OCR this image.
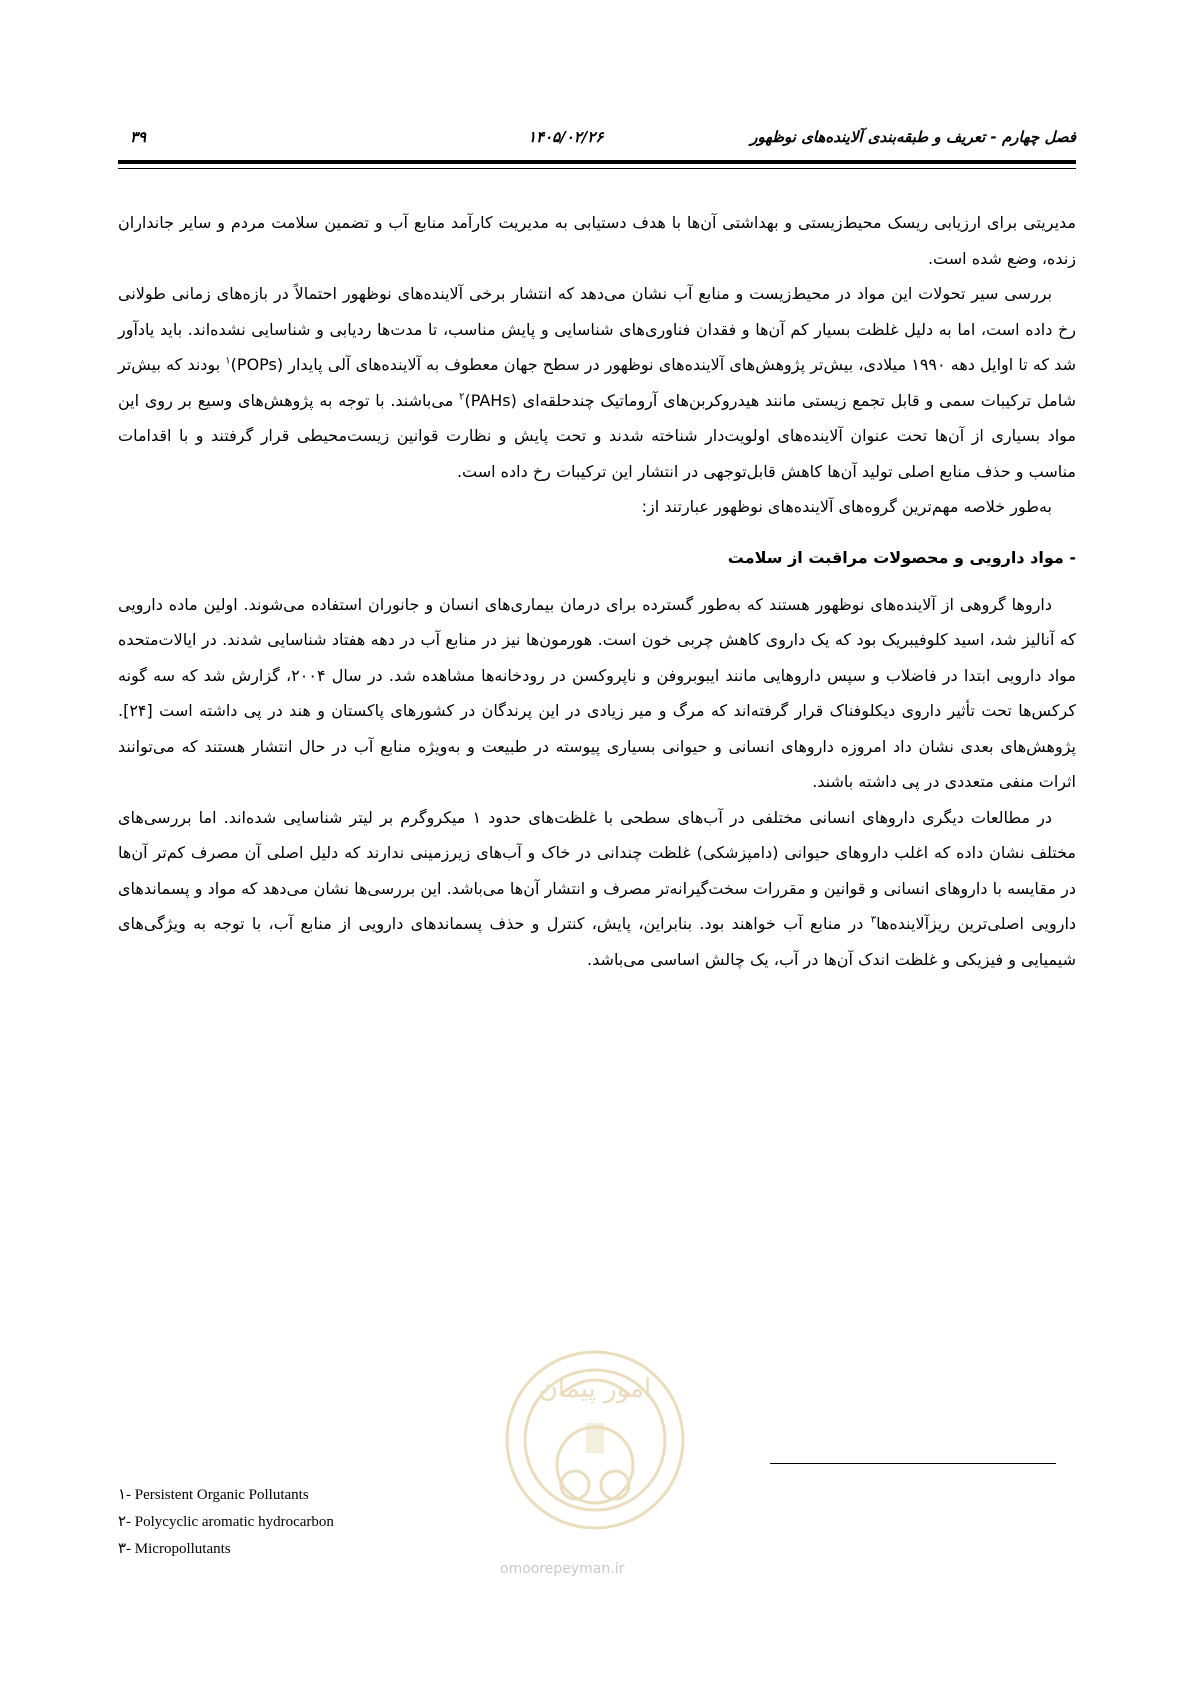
فصل چهارم - تعریف و طبقه‌بندی آلاینده‌های نوظهور
۱۴۰۵/۰۲/۲۶
۳۹

مدیریتی برای ارزیابی ریسک محیط‌زیستی و بهداشتی آن‌ها با هدف دستیابی به مدیریت کارآمد منابع آب و تضمین سلامت مردم و سایر جانداران زنده، وضع شده است.

بررسی سیر تحولات این مواد در محیط‌زیست و منابع آب نشان می‌دهد که انتشار برخی آلاینده‌های نوظهور احتمالاً در بازه‌های زمانی طولانی رخ داده است، اما به دلیل غلظت بسیار کم آن‌ها و فقدان فناوری‌های شناسایی و پایش مناسب، تا مدت‌ها ردیابی و شناسایی نشده‌اند. باید یادآور شد که تا اوایل دهه ۱۹۹۰ میلادی، بیش‌تر پژوهش‌های آلاینده‌های نوظهور در سطح جهان معطوف به آلاینده‌های آلی پایدار (POPs)$^۱$ بودند که بیش‌تر شامل ترکیبات سمی و قابل تجمع زیستی مانند هیدروکربن‌های آروماتیک چندحلقه‌ای (PAHs)$^۲$ می‌باشند. با توجه به پژوهش‌های وسیع بر روی این مواد بسیاری از آن‌ها تحت عنوان آلاینده‌های اولویت‌دار شناخته شدند و تحت پایش و نظارت قوانین زیست‌محیطی قرار گرفتند و با اقدامات مناسب و حذف منابع اصلی تولید آن‌ها کاهش قابل‌توجهی در انتشار این ترکیبات رخ داده است.

به‌طور خلاصه مهم‌ترین گروه‌های آلاینده‌های نوظهور عبارتند از:

- مواد دارویی و محصولات مراقبت از سلامت

داروها گروهی از آلاینده‌های نوظهور هستند که به‌طور گسترده برای درمان بیماری‌های انسان و جانوران استفاده می‌شوند. اولین ماده دارویی که آنالیز شد، اسید کلوفیبریک بود که یک داروی کاهش چربی خون است. هورمون‌ها نیز در منابع آب در دهه هفتاد شناسایی شدند. در ایالات‌متحده مواد دارویی ابتدا در فاضلاب و سپس داروهایی مانند ایبوبروفن و ناپروکسن در رودخانه‌ها مشاهده شد. در سال ۲۰۰۴، گزارش شد که سه گونه کرکس‌ها تحت تأثیر داروی دیکلوفناک قرار گرفته‌اند که مرگ و میر زیادی در این پرندگان در کشورهای پاکستان و هند در پی داشته است [۲۴]. پژوهش‌های بعدی نشان داد امروزه داروهای انسانی و حیوانی بسیاری پیوسته در طبیعت و به‌ویژه منابع آب در حال انتشار هستند که می‌توانند اثرات منفی متعددی در پی داشته باشند.

در مطالعات دیگری داروهای انسانی مختلفی در آب‌های سطحی با غلظت‌های حدود ۱ میکروگرم بر لیتر شناسایی شده‌اند. اما بررسی‌های مختلف نشان داده که اغلب داروهای حیوانی (دامپزشکی) غلظت چندانی در خاک و آب‌های زیرزمینی ندارند که دلیل اصلی آن مصرف کم‌تر آن‌ها در مقایسه با داروهای انسانی و قوانین و مقررات سخت‌گیرانه‌تر مصرف و انتشار آن‌ها می‌باشد. این بررسی‌ها نشان می‌دهد که مواد و پسماندهای دارویی اصلی‌ترین ریزآلاینده‌ها$^۳$ در منابع آب خواهند بود. بنابراین، پایش، کنترل و حذف پسماندهای دارویی از منابع آب، با توجه به ویژگی‌های شیمیایی و فیزیکی و غلظت اندک آن‌ها در آب، یک چالش اساسی می‌باشد.

امور پیمان
omoorepeyman.ir
۱- Persistent Organic Pollutants
۲- Polycyclic aromatic hydrocarbon
۳- Micropollutants
